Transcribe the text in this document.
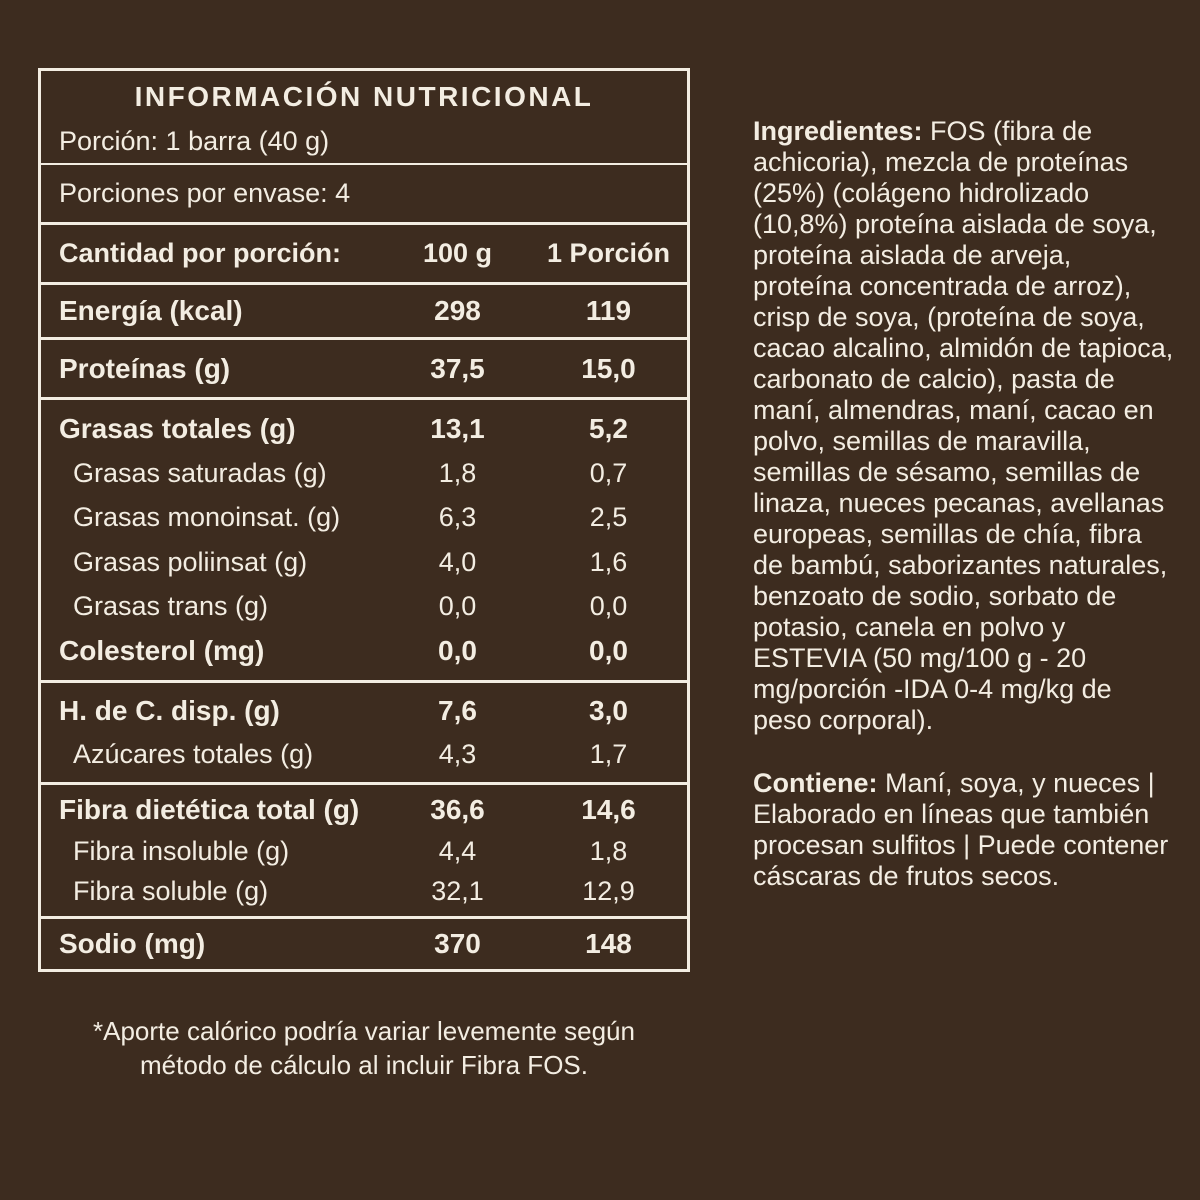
INFORMACIÓN NUTRICIONAL
Porción: 1 barra (40 g)
Porciones por envase: 4
Cantidad por porción:	100 g	1 Porción
Energía (kcal)	298	119
Proteínas (g)	37,5	15,0
Grasas totales (g)	13,1	5,2
Grasas saturadas (g)	1,8	0,7
Grasas monoinsat. (g)	6,3	2,5
Grasas poliinsat (g)	4,0	1,6
Grasas trans (g)	0,0	0,0
Colesterol (mg)	0,0	0,0
H. de C. disp. (g)	7,6	3,0
Azúcares totales (g)	4,3	1,7
Fibra dietética total (g)	36,6	14,6
Fibra insoluble (g)	4,4	1,8
Fibra soluble (g)	32,1	12,9
Sodio (mg)	370	148
*Aporte calórico podría variar levemente según método de cálculo al incluir Fibra FOS.

Ingredientes: FOS (fibra de achicoria), mezcla de proteínas (25%) (colágeno hidrolizado (10,8%) proteína aislada de soya, proteína aislada de arveja, proteína concentrada de arroz), crisp de soya, (proteína de soya, cacao alcalino, almidón de tapioca, carbonato de calcio), pasta de maní, almendras, maní, cacao en polvo, semillas de maravilla, semillas de sésamo, semillas de linaza, nueces pecanas, avellanas europeas, semillas de chía, fibra de bambú, saborizantes naturales, benzoato de sodio, sorbato de potasio, canela en polvo y ESTEVIA (50 mg/100 g - 20 mg/porción -IDA 0-4 mg/kg de peso corporal).

Contiene: Maní, soya, y nueces | Elaborado en líneas que también procesan sulfitos | Puede contener cáscaras de frutos secos.
